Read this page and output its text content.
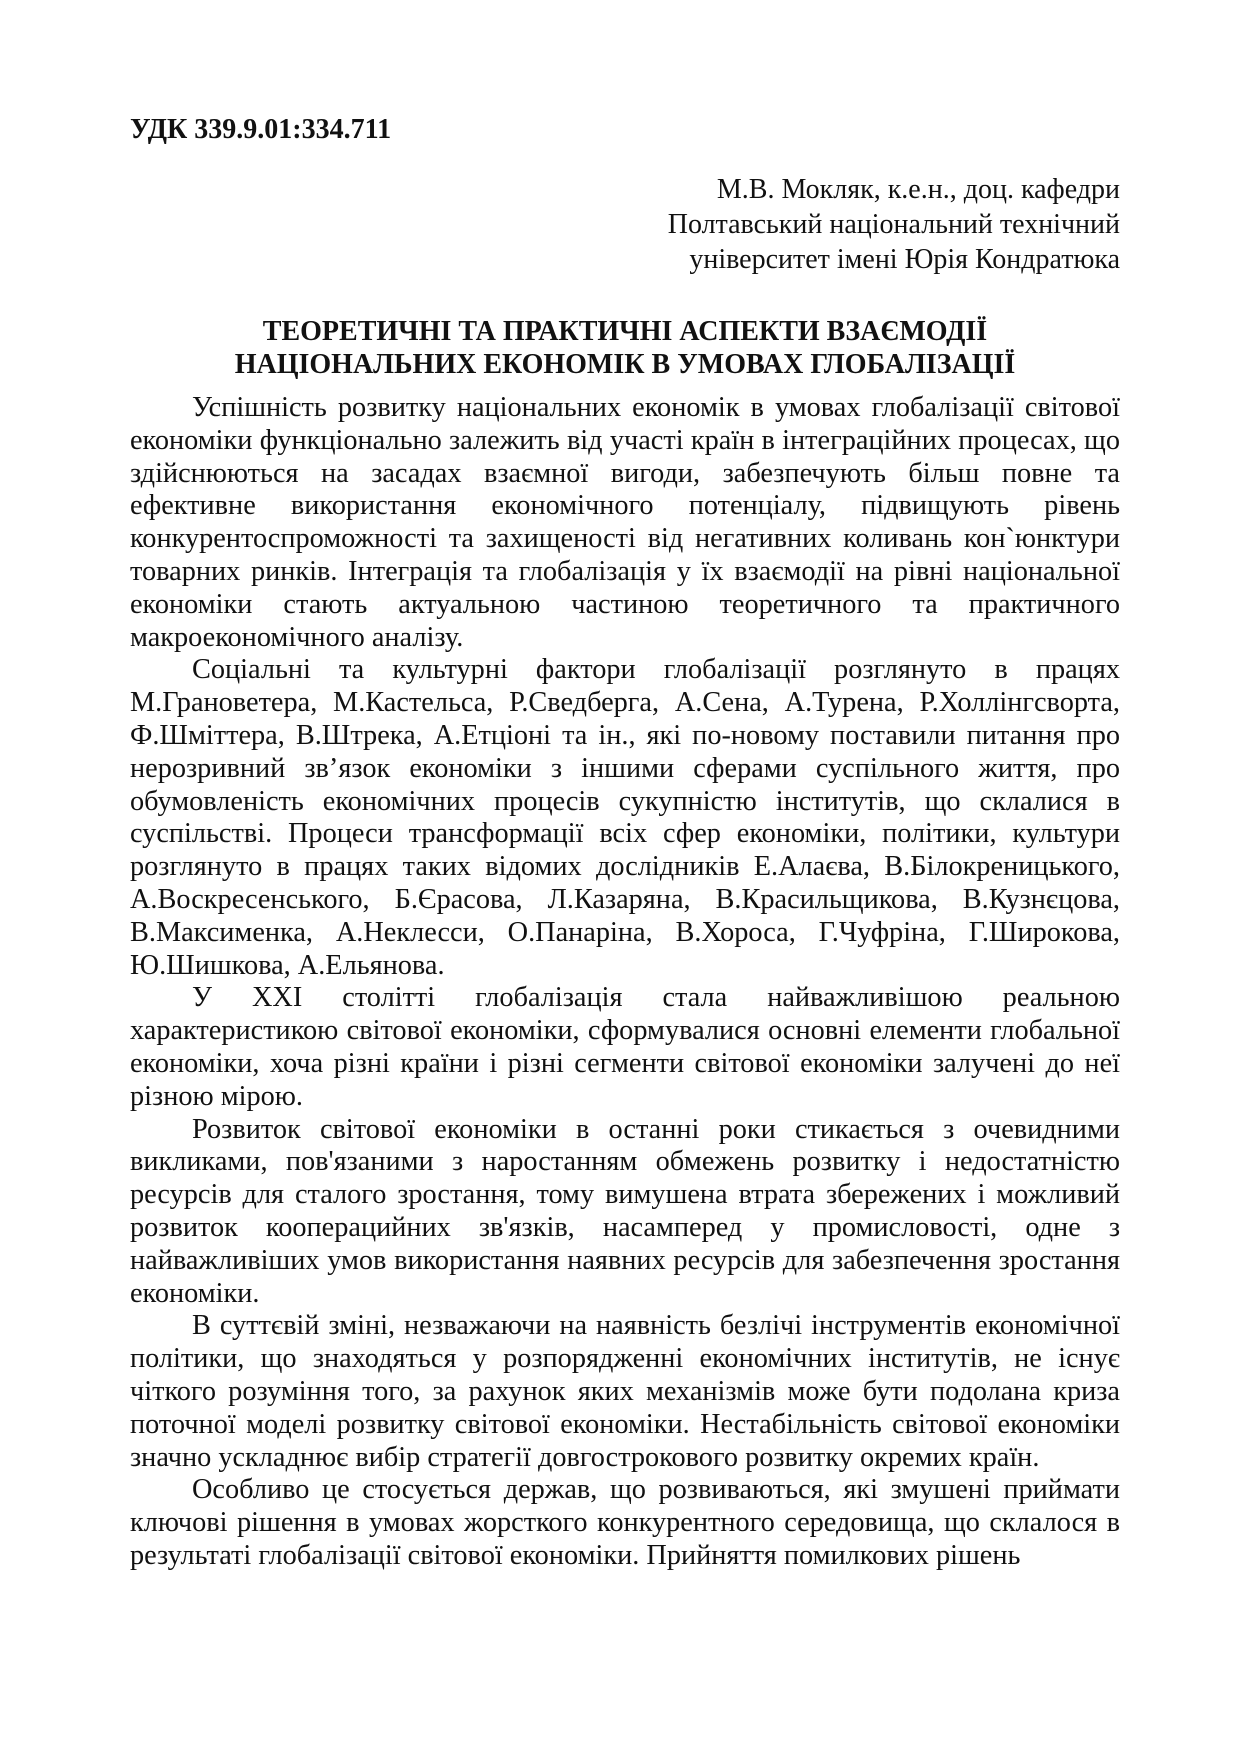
УДК 339.9.01:334.711
М.В. Мокляк, к.е.н., доц. кафедри
Полтавський національний технічний
університет імені Юрія Кондратюка
ТЕОРЕТИЧНІ ТА ПРАКТИЧНІ АСПЕКТИ ВЗАЄМОДІЇ
НАЦІОНАЛЬНИХ ЕКОНОМІК В УМОВАХ ГЛОБАЛІЗАЦІЇ

Успішність розвитку національних економік в умовах глобалізації світової економіки функціонально залежить від участі країн в інтеграційних процесах, що здійснюються на засадах взаємної вигоди, забезпечують більш повне та ефективне використання економічного потенціалу, підвищують рівень конкурентоспроможності та захищеності від негативних коливань кон`юнктури товарних ринків. Інтеграція та глобалізація у їх взаємодії на рівні національної економіки стають актуальною частиною теоретичного та практичного макроекономічного аналізу.

Соціальні та культурні фактори глобалізації розглянуто в працях М.Грановетера, М.Кастельса, Р.Сведберга, А.Сена, А.Турена, Р.Холлінгсворта, Ф.Шміттера, В.Штрека, А.Етціоні та ін., які по-новому поставили питання про нерозривний зв’язок економіки з іншими сферами суспільного життя, про обумовленість економічних процесів сукупністю інститутів, що склалися в суспільстві. Процеси трансформації всіх сфер економіки, політики, культури розглянуто в працях таких відомих дослідників Е.Алаєва, В.Білокреницького, А.Воскресенського, Б.Єрасова, Л.Казаряна, В.Красильщикова, В.Кузнєцова, В.Максименка, А.Неклесси, О.Панаріна, В.Хороса, Г.Чуфріна, Г.Широкова, Ю.Шишкова, А.Ельянова.

У XXI столітті глобалізація стала найважливішою реальною характеристикою світової економіки, сформувалися основні елементи глобальної економіки, хоча різні країни і різні сегменти світової економіки залучені до неї різною мірою.

Розвиток світової економіки в останні роки стикається з очевидними викликами, пов'язаними з наростанням обмежень розвитку і недостатністю ресурсів для сталого зростання, тому вимушена втрата збережених і можливий розвиток кооперацийних зв'язків, насамперед у промисловості, одне з найважливіших умов використання наявних ресурсів для забезпечення зростання економіки.

В суттєвій зміні, незважаючи на наявність безлічі інструментів економічної політики, що знаходяться у розпорядженні економічних інститутів, не існує чіткого розуміння того, за рахунок яких механізмів може бути подолана криза поточної моделі розвитку світової економіки. Нестабільність світової економіки значно ускладнює вибір стратегії довгострокового розвитку окремих країн.

Особливо це стосується держав, що розвиваються, які змушені приймати ключові рішення в умовах жорсткого конкурентного середовища, що склалося в результаті глобалізації світової економіки. Прийняття помилкових рішень
